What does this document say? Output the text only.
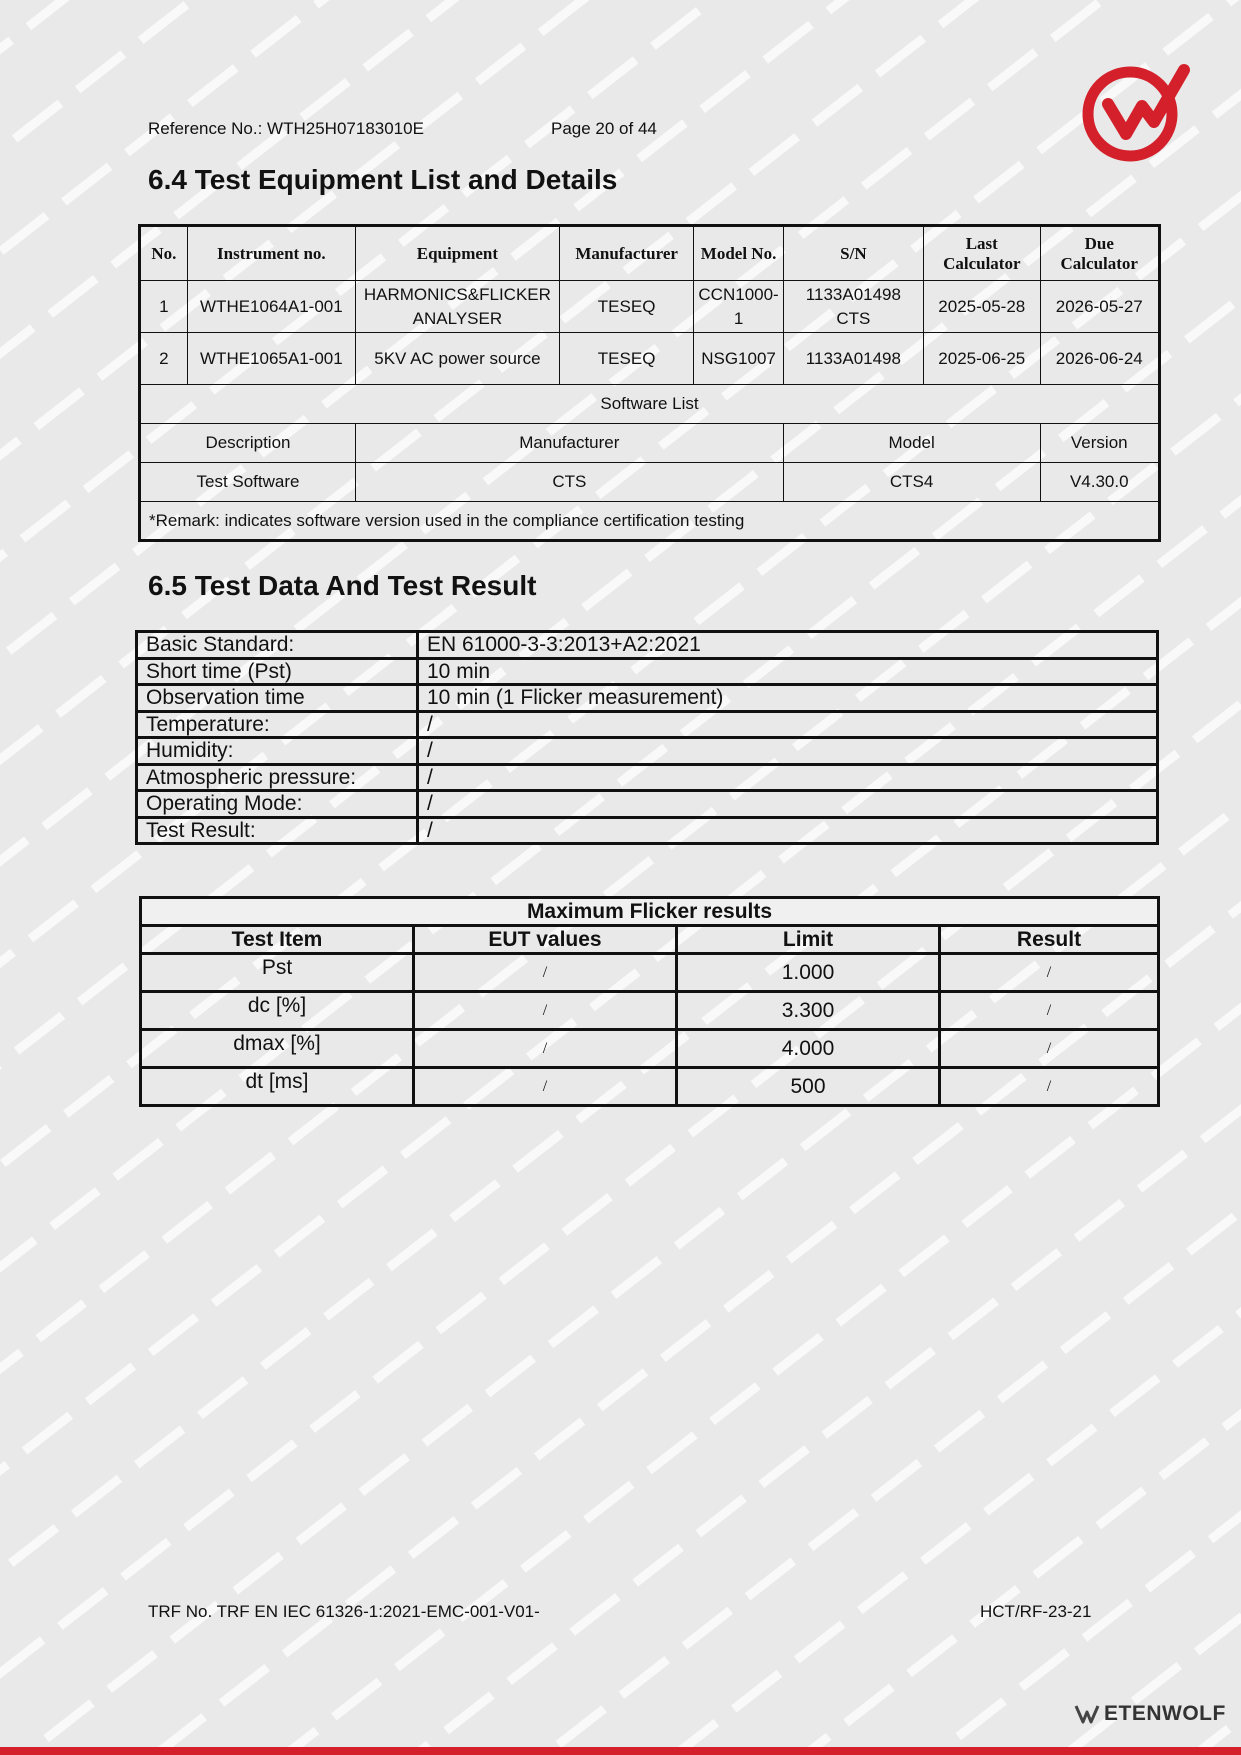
Reference No.: WTH25H07183010E	Page 20 of 44
6.4 Test Equipment List and Details
No.	Instrument no.	Equipment	Manufacturer	Model No.	S/N	Last Calculator	Due Calculator
1	WTHE1064A1-001	HARMONICS&FLICKER ANALYSER	TESEQ	CCN1000-1	1133A01498 CTS	2025-05-28	2026-05-27
2	WTHE1065A1-001	5KV AC power source	TESEQ	NSG1007	1133A01498	2025-06-25	2026-06-24
Software List							
Description		Manufacturer			Model		Version
Test Software		CTS			CTS4		V4.30.0
*Remark: indicates software version used in the compliance certification testing							
6.5 Test Data And Test Result
Basic Standard:	EN 61000-3-3:2013+A2:2021
Short time (Pst)	10 min
Observation time	10 min (1 Flicker measurement)
Temperature:	/
Humidity:	/
Atmospheric pressure:	/
Operating Mode:	/
Test Result:	/
Maximum Flicker results			
Test Item	EUT values	Limit	Result
Pst	/	1.000	/
dc [%]	/	3.300	/
dmax [%]	/	4.000	/
dt [ms]	/	500	/
TRF No. TRF EN IEC 61326-1:2021-EMC-001-V01-	HCT/RF-23-21
ETENWOLF
